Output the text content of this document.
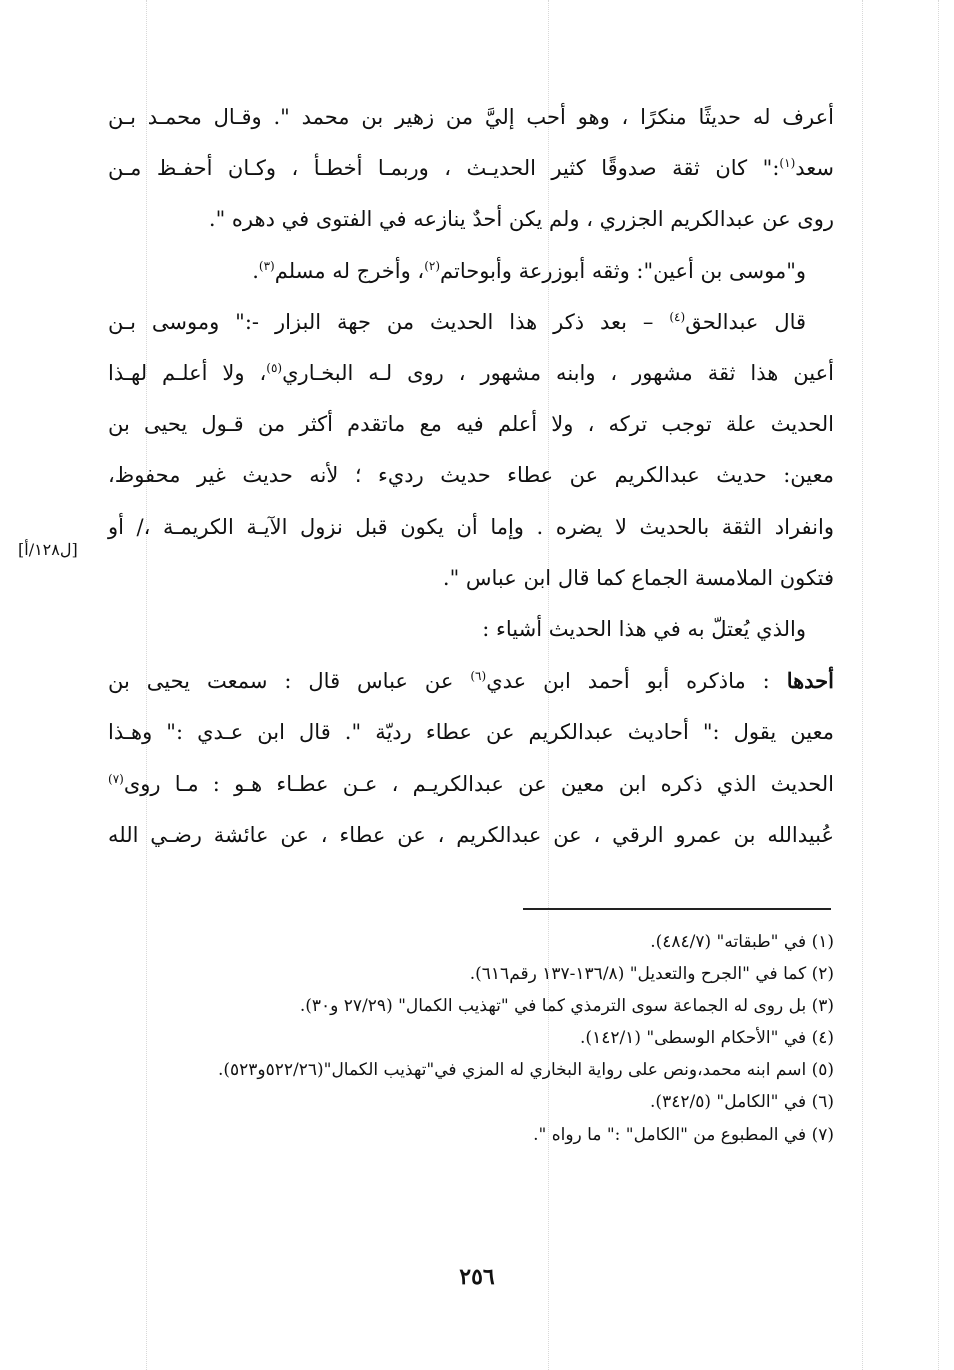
أعرف له حديثًا منكرًا ، وهو أحب إليَّ من زهير بن محمد ". وقـال محمـد بـن

سعد$^{(١)}$:" كان ثقة صدوقًا كثير الحديـث ، وربمـا أخطـأ ، وكـان أحفـظ مـن

روى عن عبدالكريم الجزري ، ولم يكن أحدٌ ينازعه في الفتوى في دهره ".

و"موسى بن أعين": وثقه أبوزرعة وأبوحاتم$^{(٢)}$، وأخرج له مسلم$^{(٣)}$.

قال عبدالحق$^{(٤)}$ – بعد ذكر هذا الحديث من جهة البزار -:" وموسى بـن

أعين هذا ثقة مشهور ، وابنه مشهور ، روى لـه البخـاري$^{(٥)}$، ولا أعلـم لهـذا

الحديث علة توجب تركه ، ولا أعلم فيه مع ماتقدم أكثر من قـول يحيى بن

معين: حديث عبدالكريم عن عطاء حديث رديء ؛ لأنه حديث غير محفوظ،

وانفراد الثقة بالحديث لا يضره . وإما أن يكون قبل نزول الآيـة الكريمـة ،/ أو

فتكون الملامسة الجماع كما قال ابن عباس ".

والذي يُعتلّ به في هذا الحديث أشياء :

أحدها : ماذكره أبو أحمد ابن عدي$^{(٦)}$ عن عباس قال : سمعت يحيى بن

معين يقول :" أحاديث عبدالكريم عن عطاء رديّة ". قال ابن عـدي :" وهـذا

الحديث الذي ذكره ابن معين عن عبدالكريـم ، عـن عطـاء هـو : مـا روى$^{(٧)}$

عُبيدالله بن عمرو الرقي ، عن عبدالكريم ، عن عطاء ، عن عائشة رضـي الله

[ل١٢٨/أ]

(١) في "طبقاته" (٤٨٤/٧).

(٢) كما في "الجرح والتعديل" (١٣٦/٨-١٣٧ رقم٦١٦).

(٣) بل روى له الجماعة سوى الترمذي كما في "تهذيب الكمال" (٢٧/٢٩ و٣٠).

(٤) في "الأحكام الوسطى" (١٤٢/١).

(٥) اسم ابنه محمد،ونص على رواية البخاري له المزي في"تهذيب الكمال"(٥٢٢/٢٦و٥٢٣).

(٦) في "الكامل" (٣٤٢/٥).

(٧) في المطبوع من "الكامل" :" ما رواه ".

٢٥٦
